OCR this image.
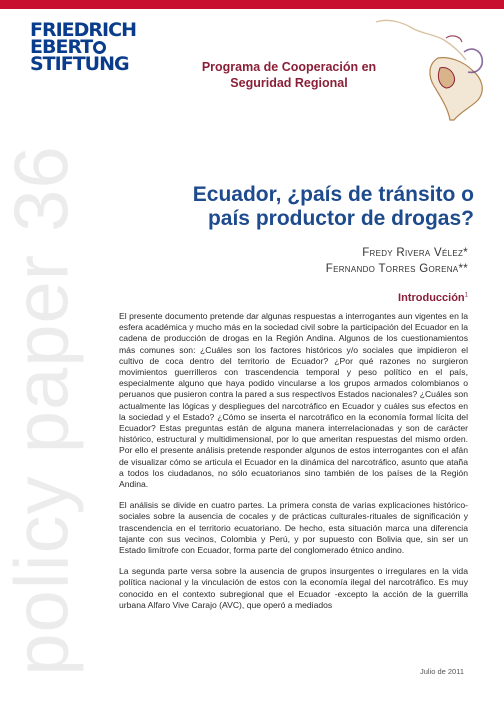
FRIEDRICH
EBERT
STIFTUNG	Programa de Cooperación en
Seguridad Regional
policy paper 36	Ecuador, ¿país de tránsito o
país productor de drogas?
Fredy Rivera Vélez*
Fernando Torres Gorena**
Introducción$^1$

El presente documento pretende dar algunas respuestas a interrogantes aun vigentes en la esfera académica y mucho más en la sociedad civil sobre la participación del Ecuador en la cadena de producción de drogas en la Región Andina. Algunos de los cuestionamientos más comunes son: ¿Cuáles son los factores históricos y/o sociales que impidieron el cultivo de coca dentro del territorio de Ecuador? ¿Por qué razones no surgieron movimientos guerrilleros con trascendencia temporal y peso político en el país, especialmente alguno que haya podido vincularse a los grupos armados colombianos o peruanos que pusieron contra la pared a sus respectivos Estados nacionales? ¿Cuáles son actualmente las lógicas y despliegues del narcotráfico en Ecuador y cuáles sus efectos en la sociedad y el Estado? ¿Cómo se inserta el narcotráfico en la economía formal lícita del Ecuador? Estas preguntas están de alguna manera interrelacionadas y son de carácter histórico, estructural y multidimensional, por lo que ameritan respuestas del mismo orden. Por ello el presente análisis pretende responder algunos de estos interrogantes con el afán de visualizar cómo se articula el Ecuador en la dinámica del narcotráfico, asunto que ataña a todos los ciudadanos, no sólo ecuatorianos sino también de los países de la Región Andina.

El análisis se divide en cuatro partes. La primera consta de varias explicaciones histórico-sociales sobre la ausencia de cocales y de prácticas culturales-rituales de significación y trascendencia en el territorio ecuatoriano. De hecho, esta situación marca una diferencia tajante con sus vecinos, Colombia y Perú, y por supuesto con Bolivia que, sin ser un Estado limítrofe con Ecuador, forma parte del conglomerado étnico andino.

La segunda parte versa sobre la ausencia de grupos insurgentes o irregulares en la vida política nacional y la vinculación de estos con la economía ilegal del narcotráfico. Es muy conocido en el contexto subregional que el Ecuador -excepto la acción de la guerrilla urbana Alfaro Vive Carajo (AVC), que operó a mediados

Julio de 2011
